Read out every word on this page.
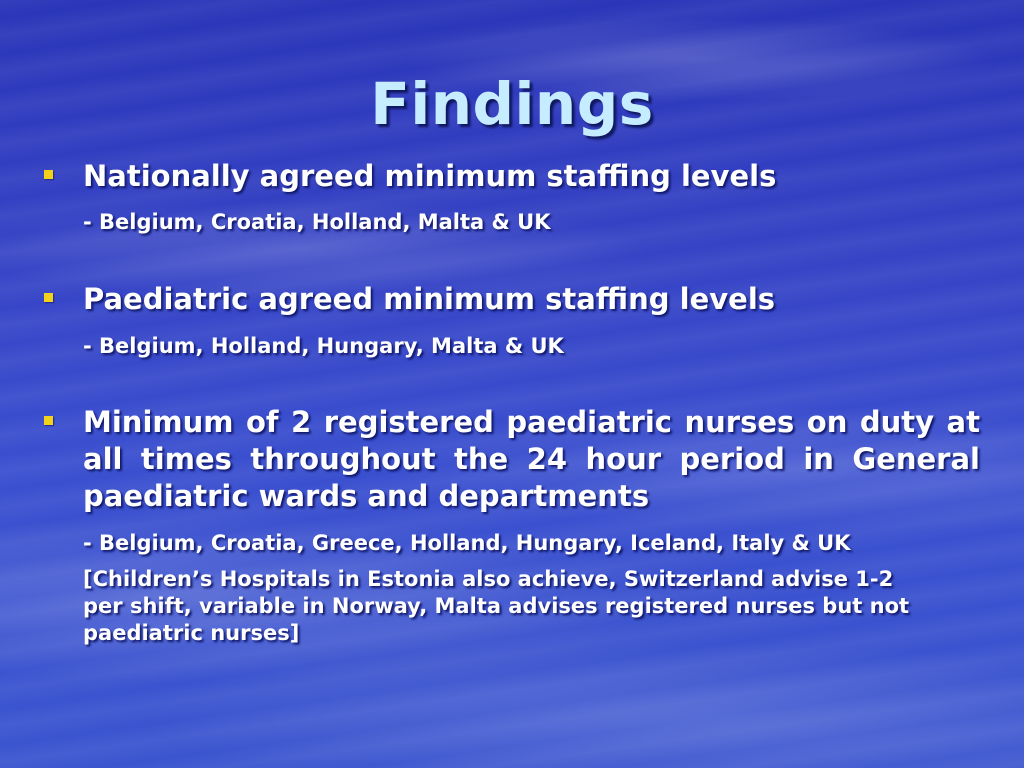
Findings
Nationally agreed minimum staffing levels
- Belgium, Croatia, Holland, Malta & UK
Paediatric agreed minimum staffing levels
- Belgium, Holland, Hungary, Malta & UK
Minimum of 2 registered paediatric nurses on duty at all times throughout the 24 hour period in General paediatric wards and departments
- Belgium, Croatia, Greece, Holland, Hungary, Iceland, Italy & UK
[Children’s Hospitals in Estonia also achieve, Switzerland advise 1-2
per shift, variable in Norway, Malta advises registered nurses but not
paediatric nurses]
